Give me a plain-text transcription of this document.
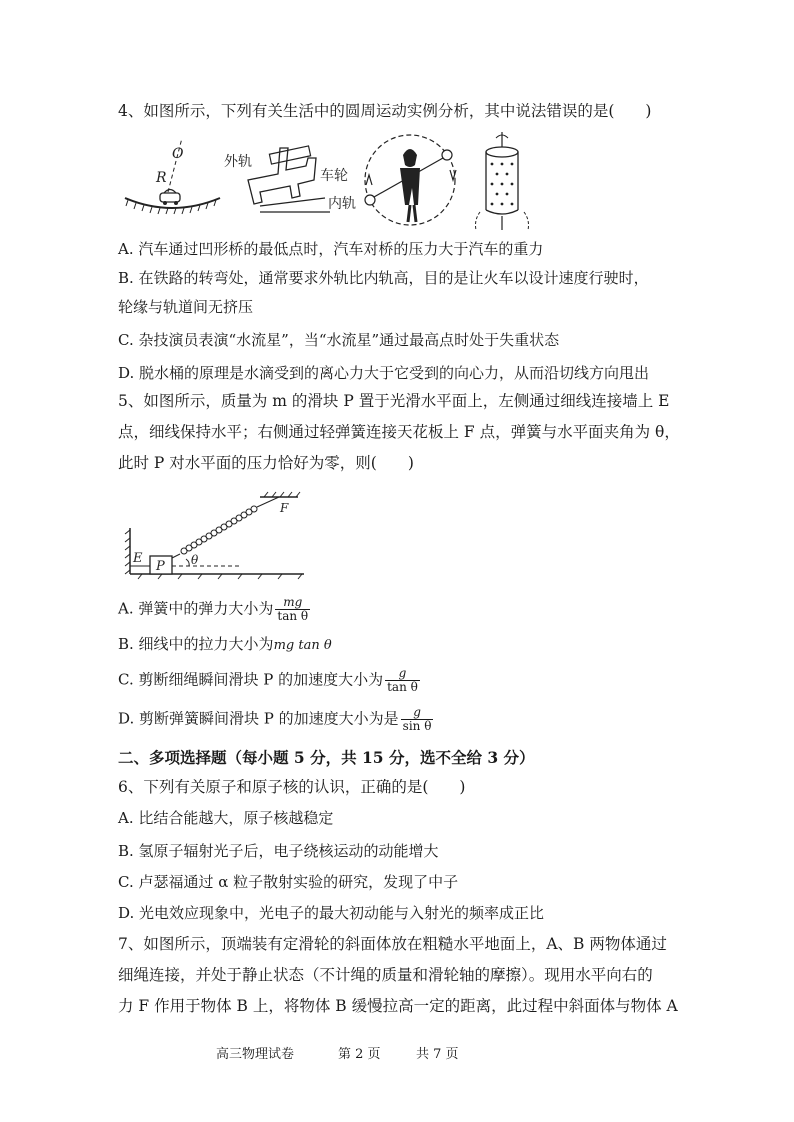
4、如图所示，下列有关生活中的圆周运动实例分析，其中说法错误的是(　　)
O
R
外轨
车轮
内轨
A. 汽车通过凹形桥的最低点时，汽车对桥的压力大于汽车的重力
B. 在铁路的转弯处，通常要求外轨比内轨高，目的是让火车以设计速度行驶时，
轮缘与轨道间无挤压
C. 杂技演员表演“水流星”，当“水流星”通过最高点时处于失重状态
D. 脱水桶的原理是水滴受到的离心力大于它受到的向心力，从而沿切线方向甩出
5、如图所示，质量为 m 的滑块 P 置于光滑水平面上，左侧通过细线连接墙上 E
点，细线保持水平；右侧通过轻弹簧连接天花板上 F 点，弹簧与水平面夹角为 θ，
此时 P 对水平面的压力恰好为零，则(　　)
E
P
F
θ
A. 弹簧中的弹力大小为 $\frac{mg}{\text{tan θ}}$
B. 细线中的拉力大小为mg tan θ
C. 剪断细绳瞬间滑块 P 的加速度大小为 $\frac{g}{\text{tan θ}}$
D. 剪断弹簧瞬间滑块 P 的加速度大小为是 $\frac{g}{\text{sin θ}}$
二、多项选择题（每小题 5 分，共 15 分，选不全给 3 分）
6、下列有关原子和原子核的认识，正确的是(　　)
A. 比结合能越大，原子核越稳定
B. 氢原子辐射光子后，电子绕核运动的动能增大
C. 卢瑟福通过 α 粒子散射实验的研究，发现了中子
D. 光电效应现象中，光电子的最大初动能与入射光的频率成正比
7、如图所示，顶端装有定滑轮的斜面体放在粗糙水平地面上，A、B 两物体通过
细绳连接，并处于静止状态（不计绳的质量和滑轮轴的摩擦）。现用水平向右的
力 F 作用于物体 B 上，将物体 B 缓慢拉高一定的距离，此过程中斜面体与物体 A
高三物理试卷	第 2 页	共 7 页
